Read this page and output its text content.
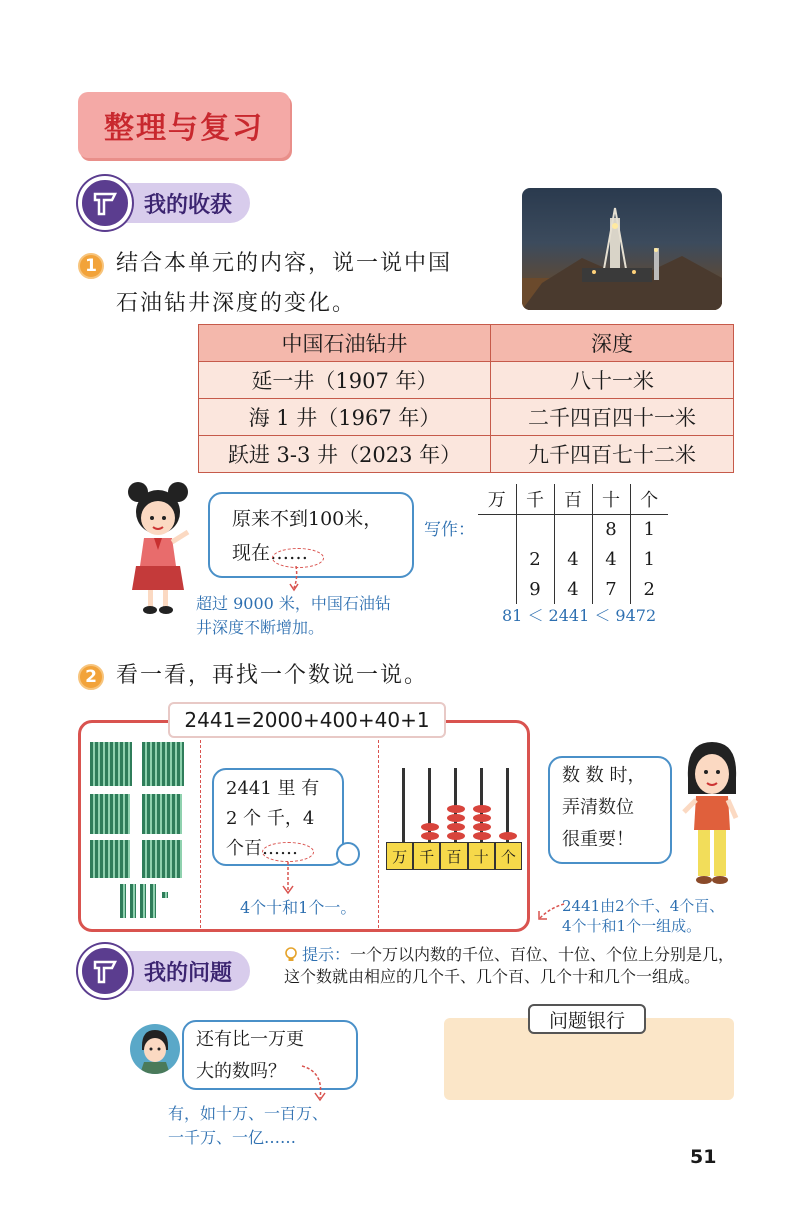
整理与复习
我的收获
1 结合本单元的内容，说一说中国
石油钻井深度的变化。
中国石油钻井	深度
延一井（1907 年）	八十一米
海 1 井（1967 年）	二千四百四十一米
跃进 3-3 井（2023 年）	九千四百七十二米
原来不到100米，
现在……
超过 9000 米，中国石油钻
井深度不断增加。
写作：
万	千	百	十	个
			8	1
	2	4	4	1
	9	4	7	2
81 ＜ 2441 ＜ 9472
2 看一看，再找一个数说一说。
2441=2000+400+40+1
2441 里 有
2 个 千，4
个百……
4个十和1个一。
万 千 百 十 个
数 数 时，
弄清数位
很重要！
2441由2个千、4个百、
4个十和1个一组成。
我的问题
提示： 一个万以内数的千位、百位、十位、个位上分别是几，
这个数就由相应的几个千、几个百、几个十和几个一组成。
还有比一万更
大的数吗？
有，如十万、一百万、
一千万、一亿……
问题银行
51
